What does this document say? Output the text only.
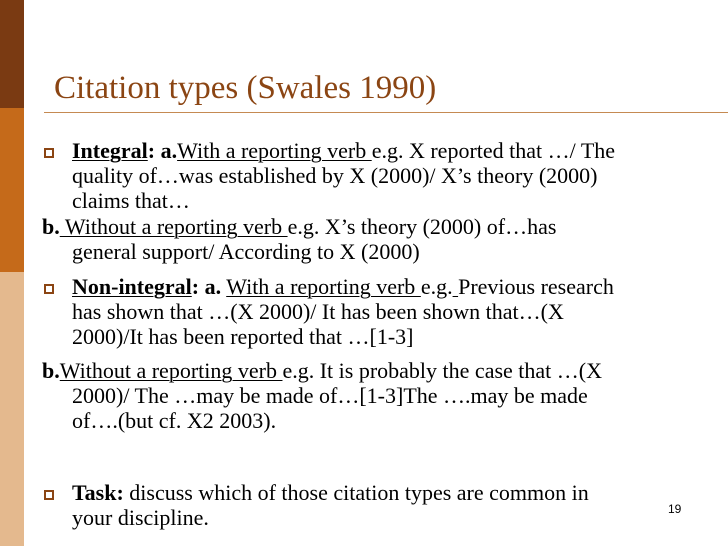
Citation types (Swales 1990)
Integral: a.With a reporting verb e.g. X reported that …/ The
quality of…was established by X (2000)/ X’s theory (2000)
claims that…
b. Without a reporting verb e.g. X’s theory (2000) of…has
general support/ According to X (2000)
Non-integral: a. With a reporting verb e.g. Previous research
has shown that …(X 2000)/ It has been shown that…(X
2000)/It has been reported that …[1-3]
b.Without a reporting verb e.g. It is probably the case that …(X
2000)/ The …may be made of…[1-3]The ….may be made
of….(but cf. X2 2003).
Task: discuss which of those citation types are common in
your discipline.	19
